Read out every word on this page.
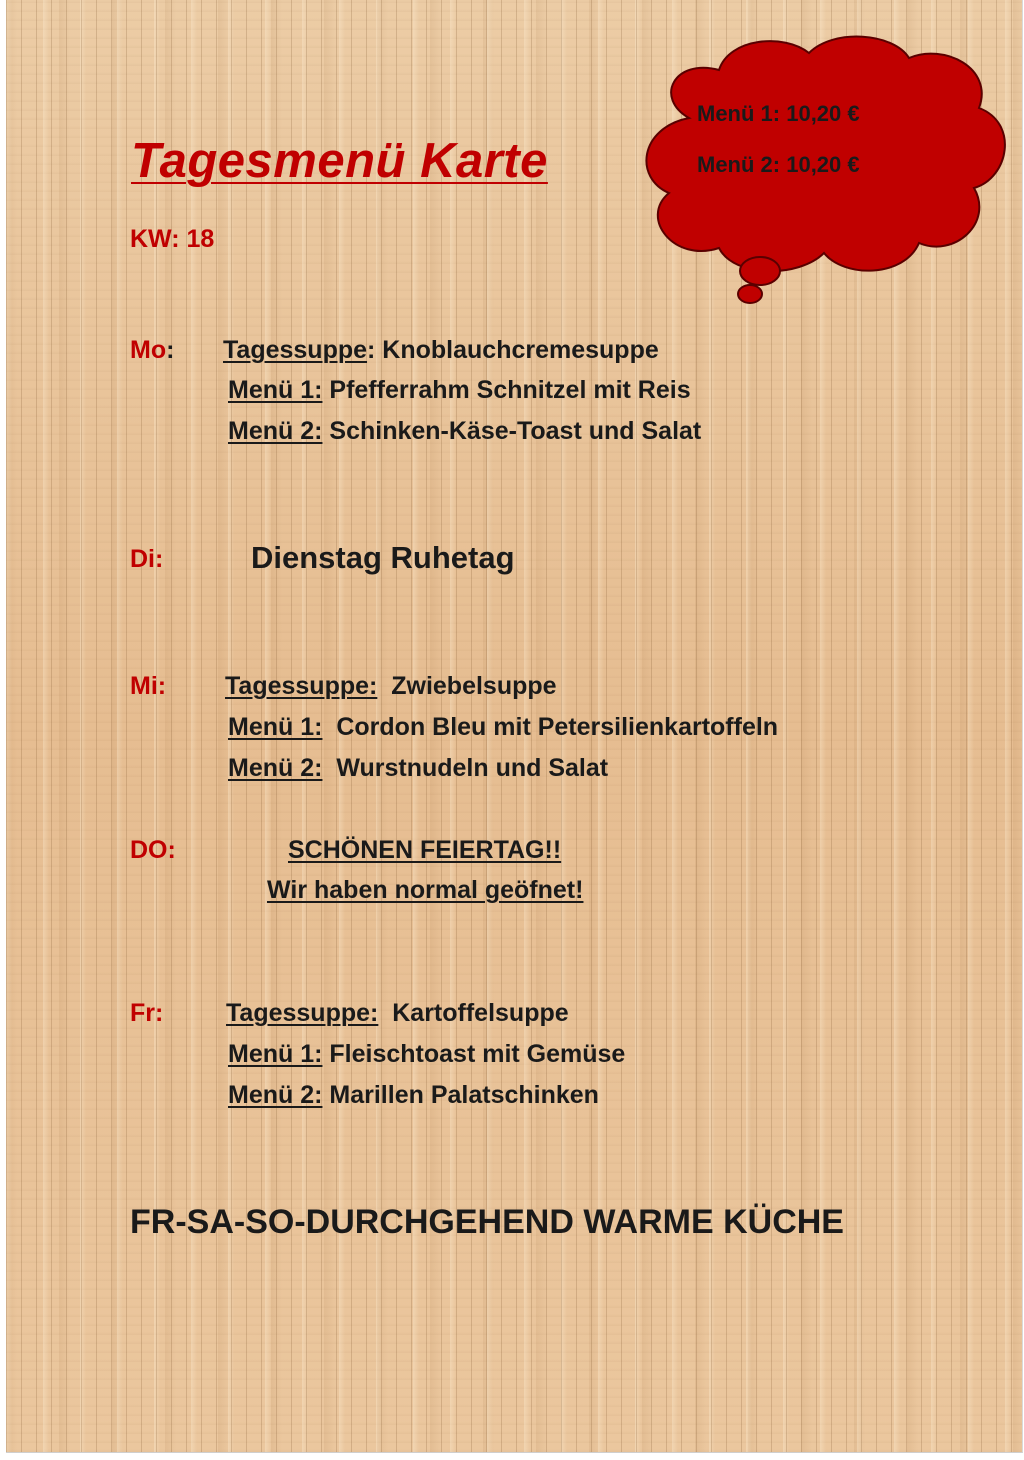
Menü 1: 10,20 €
Menü 2: 10,20 €
Tagesmenü Karte
KW: 18
Mo: Tagessuppe: Knoblauchcremesuppe
Menü 1: Pfefferrahm Schnitzel mit Reis
Menü 2: Schinken-Käse-Toast und Salat
Di:	Dienstag Ruhetag
Mi: Tagessuppe:  Zwiebelsuppe
Menü 1:  Cordon Bleu mit Petersilienkartoffeln
Menü 2:  Wurstnudeln und Salat
DO:	SCHÖNEN FEIERTAG!!
Wir haben normal geöfnet!
Fr:	Tagessuppe:  Kartoffelsuppe
Menü 1: Fleischtoast mit Gemüse
Menü 2: Marillen Palatschinken
FR-SA-SO-DURCHGEHEND WARME KÜCHE
